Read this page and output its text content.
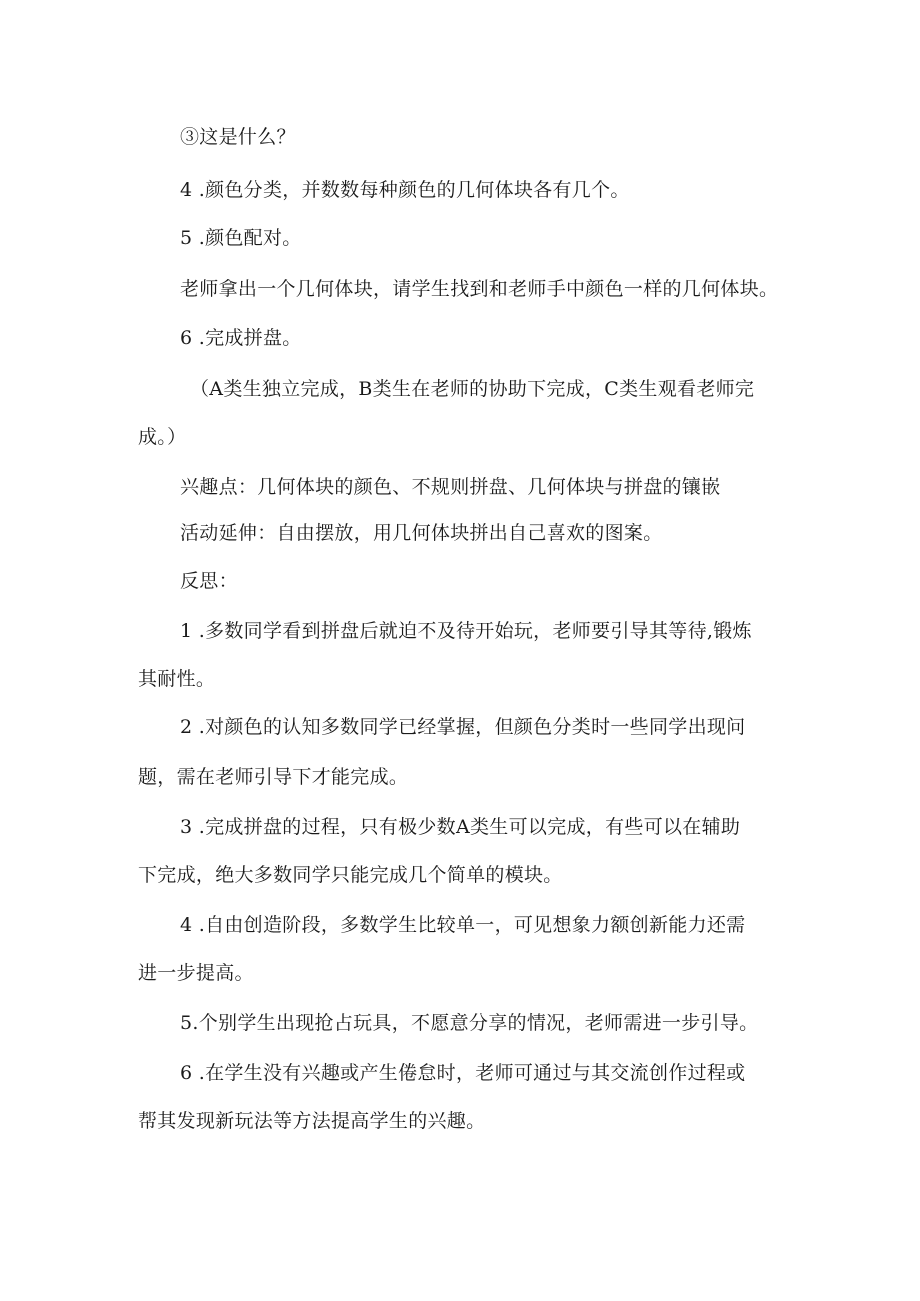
③这是什么？
4 .颜色分类，并数数每种颜色的几何体块各有几个。
5 .颜色配对。
老师拿出一个几何体块，请学生找到和老师手中颜色一样的几何体块。
6 .完成拼盘。
（A类生独立完成，B类生在老师的协助下完成，C类生观看老师完
成。）
兴趣点：几何体块的颜色、不规则拼盘、几何体块与拼盘的镶嵌
活动延伸：自由摆放，用几何体块拼出自己喜欢的图案。
反思：
1 .多数同学看到拼盘后就迫不及待开始玩，老师要引导其等待,锻炼
其耐性。
2 .对颜色的认知多数同学已经掌握，但颜色分类时一些同学出现问
题，需在老师引导下才能完成。
3 .完成拼盘的过程，只有极少数A类生可以完成，有些可以在辅助
下完成，绝大多数同学只能完成几个简单的模块。
4 .自由创造阶段，多数学生比较单一，可见想象力额创新能力还需
进一步提高。
5.个别学生出现抢占玩具，不愿意分享的情况，老师需进一步引导。
6 .在学生没有兴趣或产生倦怠时，老师可通过与其交流创作过程或
帮其发现新玩法等方法提高学生的兴趣。
